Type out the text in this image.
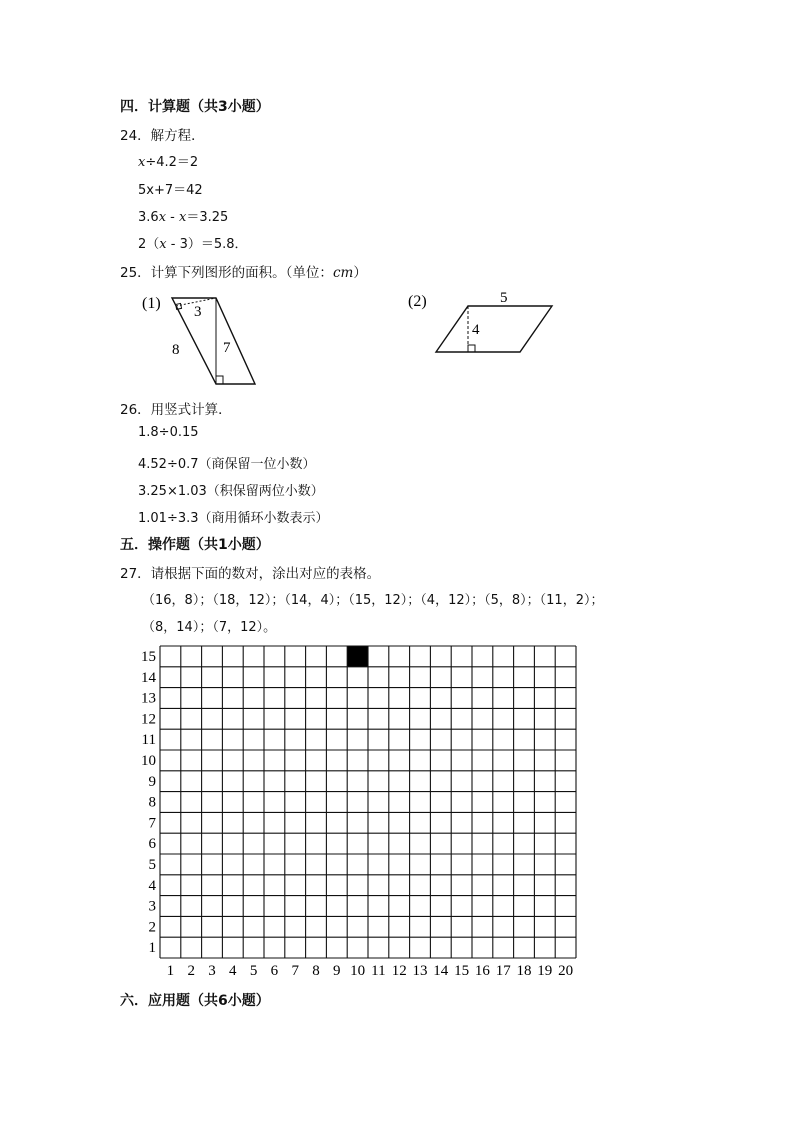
四．计算题（共3小题）
24．解方程．
x÷4.2＝2
5x+7＝42
3.6x - x＝3.25
2（x - 3）＝5.8．
25．计算下列图形的面积。（单位：cm）
(1) 3
8	7
(2)	5
4
26．用竖式计算．
1.8÷0.15
4.52÷0.7（商保留一位小数）
3.25×1.03（积保留两位小数）
1.01÷3.3（商用循环小数表示）
五．操作题（共1小题）
27．请根据下面的数对，涂出对应的表格。
（16，8）；（18，12）；（14，4）；（15，12）；（4，12）；（5，8）；（11，2）；
（8，14）；（7，12）。
15
14
13
12
11
10
9
8
7
6
5
4
3
2
1
1 2 3 4 5 6 7 8 9 10 11 12 13 14 15 16 17 18 19 20
六．应用题（共6小题）
